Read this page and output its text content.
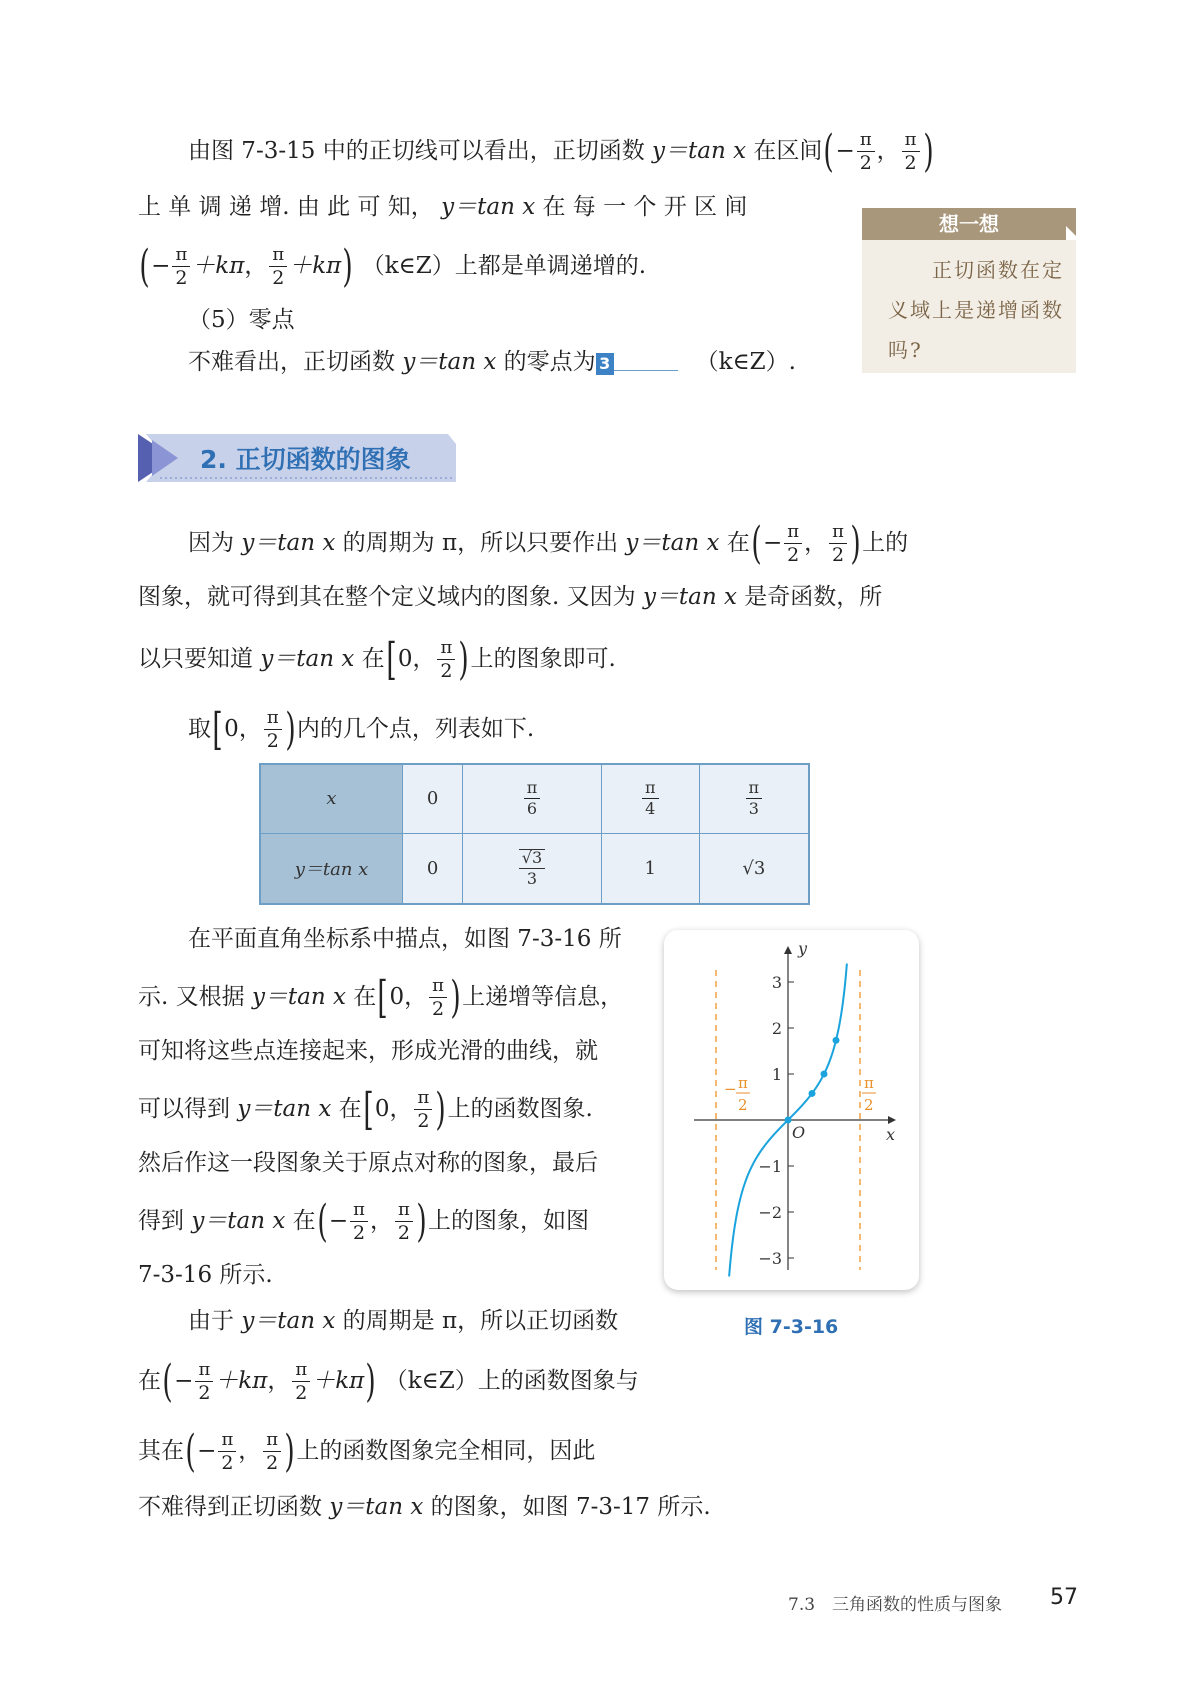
由图 7-3-15 中的正切线可以看出，正切函数 y＝tan x 在区间(− $\frac{\pi}{2}$ ， $\frac{\pi}{2}$ )
上 单 调 递 增. 由 此 可 知， y＝tan x 在 每 一 个 开 区 间
(− $\frac{\pi}{2} +k\pi$， $\frac{\pi}{2} +k\pi$) （k∈Z）上都是单调递增的.
（5）零点
不难看出，正切函数 y＝tan x 的零点为 3	（k∈Z）.
想一想
正切函数在定
义域上是递增函数
吗?
2. 正切函数的图象
因为 y＝tan x 的周期为 π，所以只要作出 y＝tan x 在(− $\frac{\pi}{2}$ ， $\frac{\pi}{2}$ )上的
图象，就可得到其在整个定义域内的图象. 又因为 y＝tan x 是奇函数，所
以只要知道 y＝tan x 在[0， $\frac{\pi}{2}$ )上的图象即可.
取[0， $\frac{\pi}{2}$ )内的几个点，列表如下.
x	0	$\frac{\pi}{6}$	$\frac{\pi}{4}$	$\frac{\pi}{3}$

y＝tan x	0	$\frac{√3}{3}$	1	√3
在平面直角坐标系中描点，如图 7-3-16 所
示. 又根据 y＝tan x 在[0， $\frac{\pi}{2}$ )上递增等信息，
可知将这些点连接起来，形成光滑的曲线，就
可以得到 y＝tan x 在[0， $\frac{\pi}{2}$ )上的函数图象.
然后作这一段图象关于原点对称的图象，最后
得到 y＝tan x 在(− $\frac{\pi}{2}$ ， $\frac{\pi}{2}$ )上的图象，如图
7-3-16 所示.
由于 y＝tan x 的周期是 π，所以正切函数
在(− $\frac{\pi}{2} +k\pi$， $\frac{\pi}{2} +k\pi$) （k∈Z）上的函数图象与
其在(− $\frac{\pi}{2}$ ， $\frac{\pi}{2}$ )上的函数图象完全相同，因此
不难得到正切函数 y＝tan x 的图象，如图 7-3-17 所示.
3
2
1
−1
−2
−3
y
x
O
− π
2
π
2
图 7-3-16
7.3　三角函数的性质与图象 57
